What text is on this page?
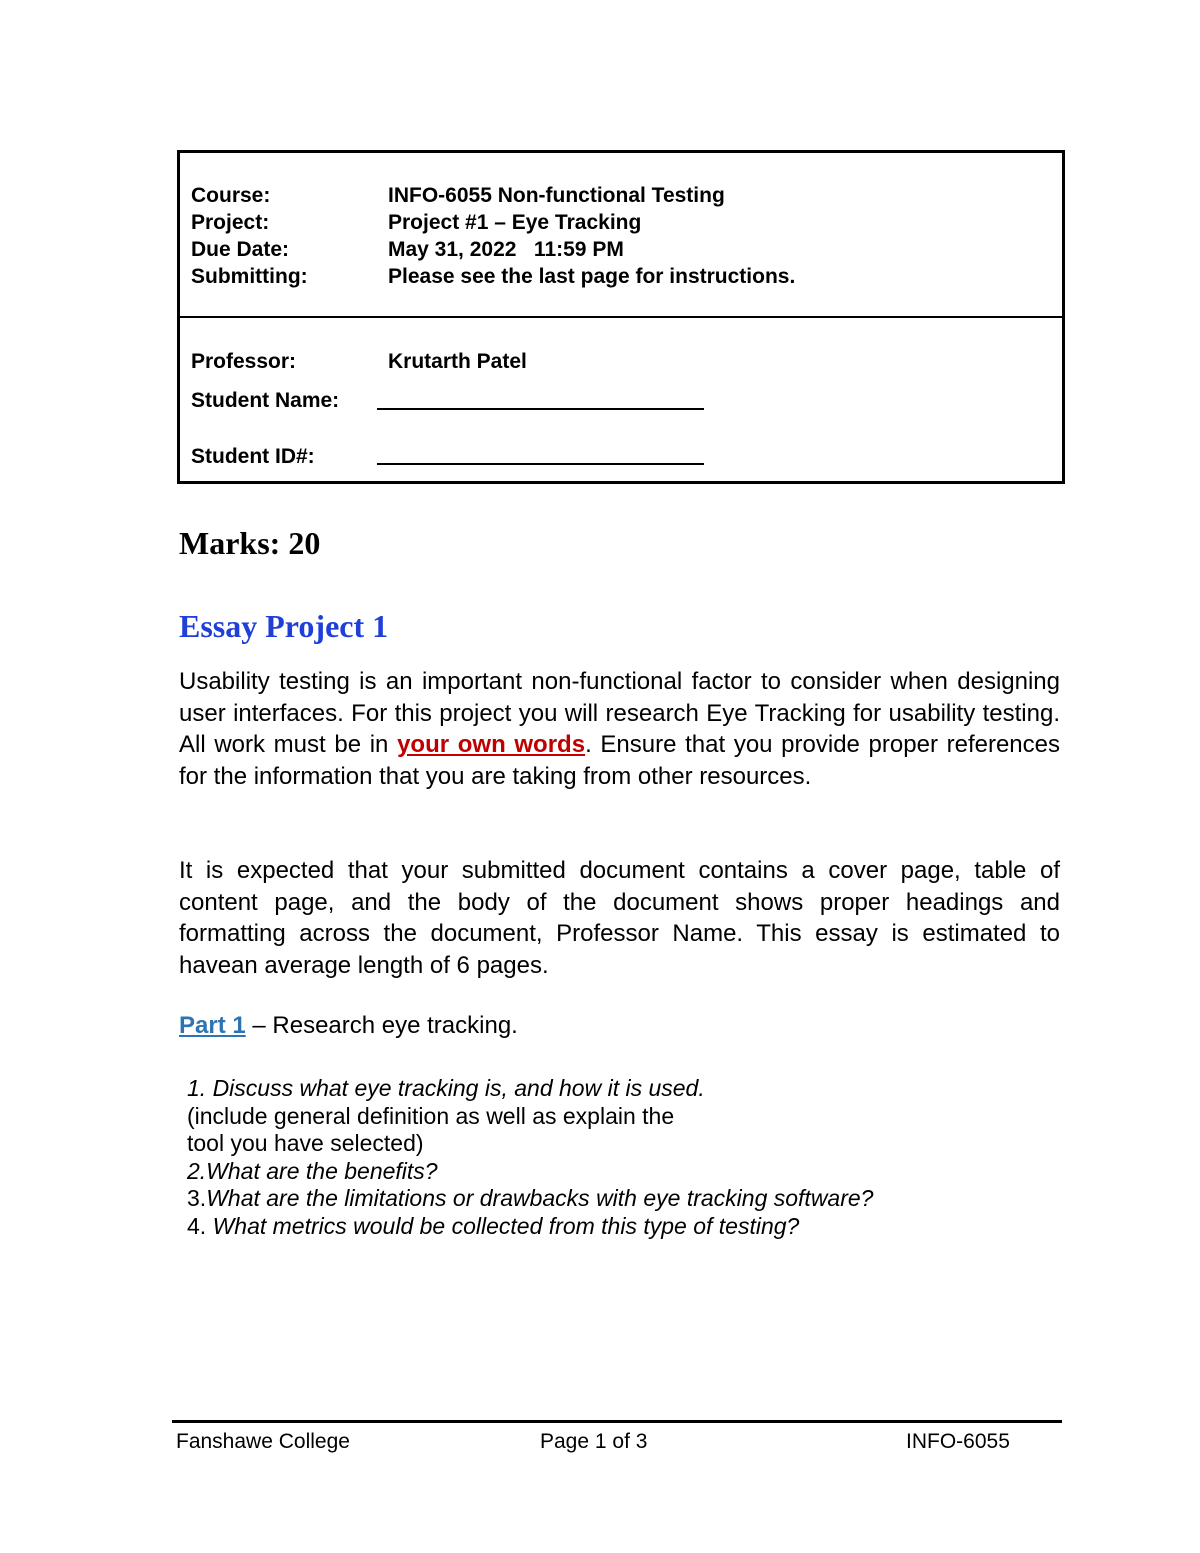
Course:	INFO-6055 Non-functional Testing
Project:	Project #1 – Eye Tracking
Due Date:	May 31, 2022   11:59 PM
Submitting:	Please see the last page for instructions.
Professor:	Krutarth Patel
Student Name:
Student ID#:
Marks: 20
Essay Project 1
Usability testing is an important non-functional factor to consider when designing user interfaces. For this project you will research Eye Tracking for usability testing. All work must be in your own words. Ensure that you provide proper references for the information that you are taking from other resources.
It is expected that your submitted document contains a cover page, table of content page, and the body of the document shows proper headings and formatting across the document, Professor Name. This essay is estimated to havean average length of 6 pages.
Part 1 – Research eye tracking.
1. Discuss what eye tracking is, and how it is used.
(include general definition as well as explain the
tool you have selected)
2.What are the benefits?
3.What are the limitations or drawbacks with eye tracking software?
4. What metrics would be collected from this type of testing?
Fanshawe College	Page 1 of 3	INFO-6055
